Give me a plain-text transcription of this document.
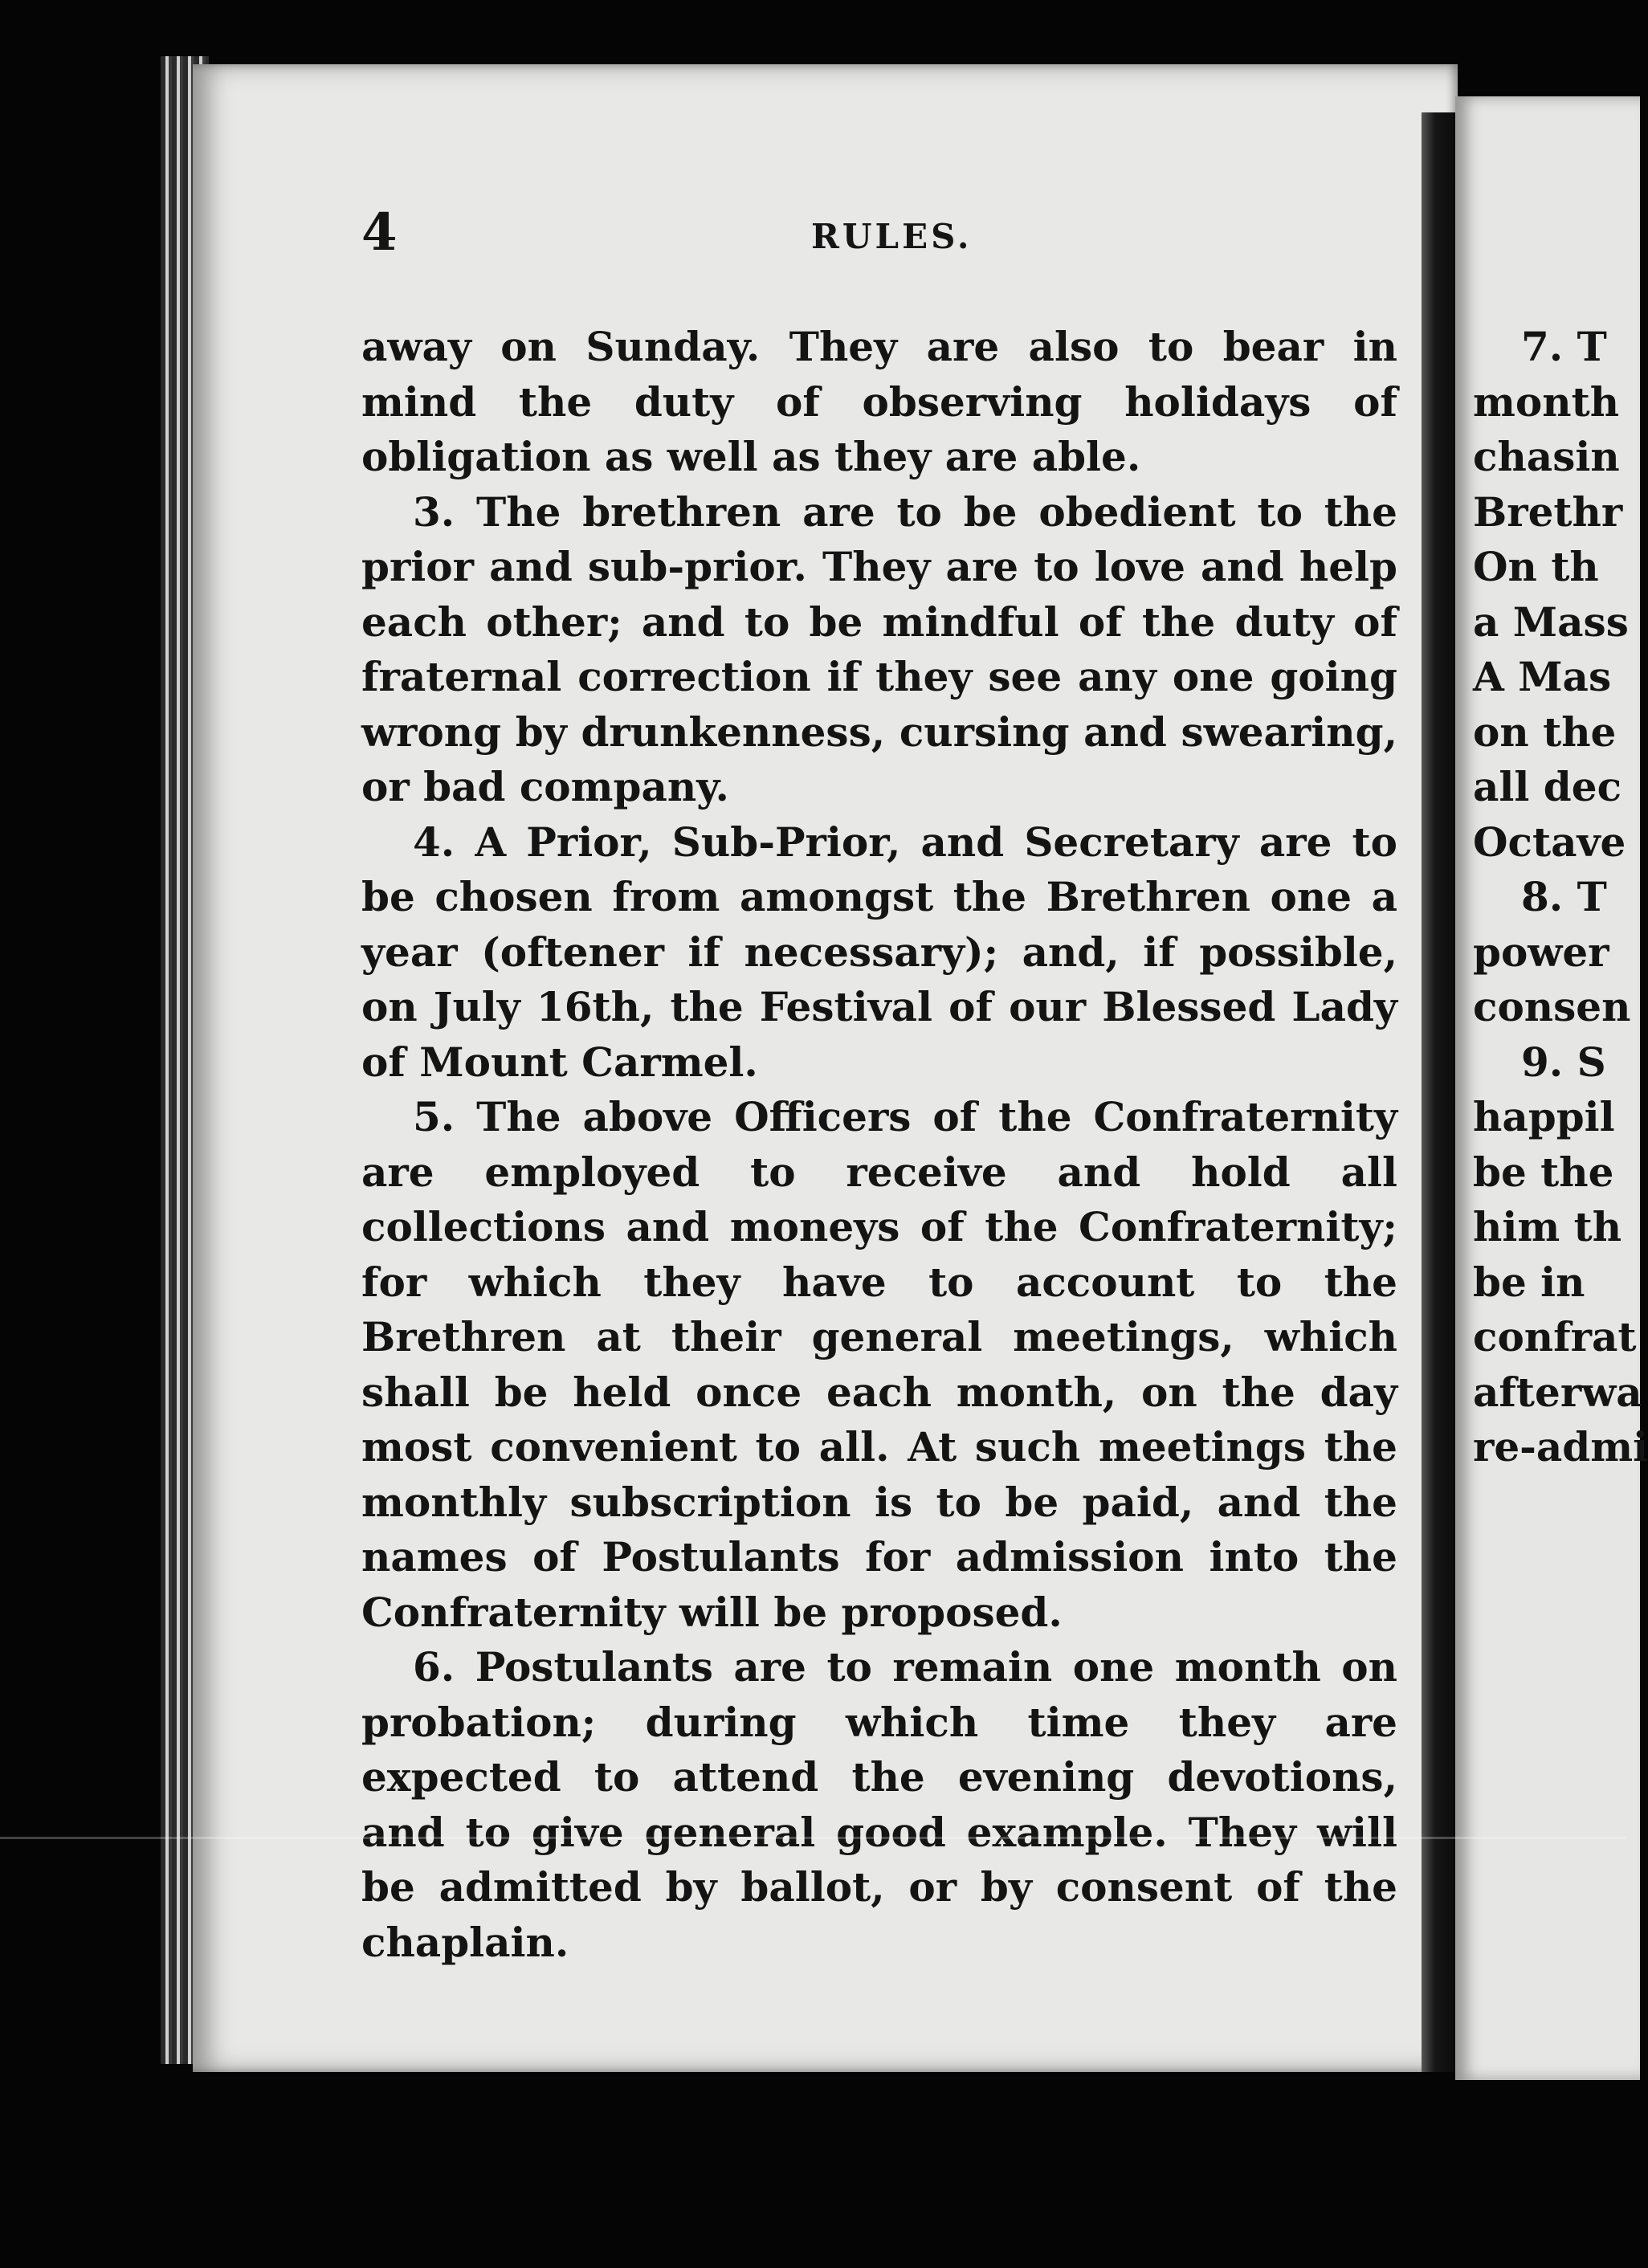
4	RULES.

away on Sunday. They are also to bear in mind the duty of observing holidays of obligation as well as they are able.

3. The brethren are to be obedient to the prior and sub-prior. They are to love and help each other; and to be mindful of the duty of fraternal correction if they see any one going wrong by drunkenness, cursing and swearing, or bad company.

4. A Prior, Sub-Prior, and Secretary are to be chosen from amongst the Brethren one a year (oftener if necessary); and, if possible, on July 16th, the Festival of our Blessed Lady of Mount Carmel.

5. The above Officers of the Confraternity are employed to receive and hold all collections and moneys of the Confraternity; for which they have to account to the Brethren at their general meetings, which shall be held once each month, on the day most convenient to all. At such meetings the monthly subscription is to be paid, and the names of Postulants for admission into the Confraternity will be proposed.

6. Postulants are to remain one month on probation; during which time they are expected to attend the evening devotions, and to give general good example. They will be admitted by ballot, or by consent of the chaplain.

7. T
month
chasin
Brethr
On th
a Mass
A Mas
on the
all dec
Octave
8. T
power
consen
9. S
happil
be the
him th
be in
confrat
afterwa
re-admi
